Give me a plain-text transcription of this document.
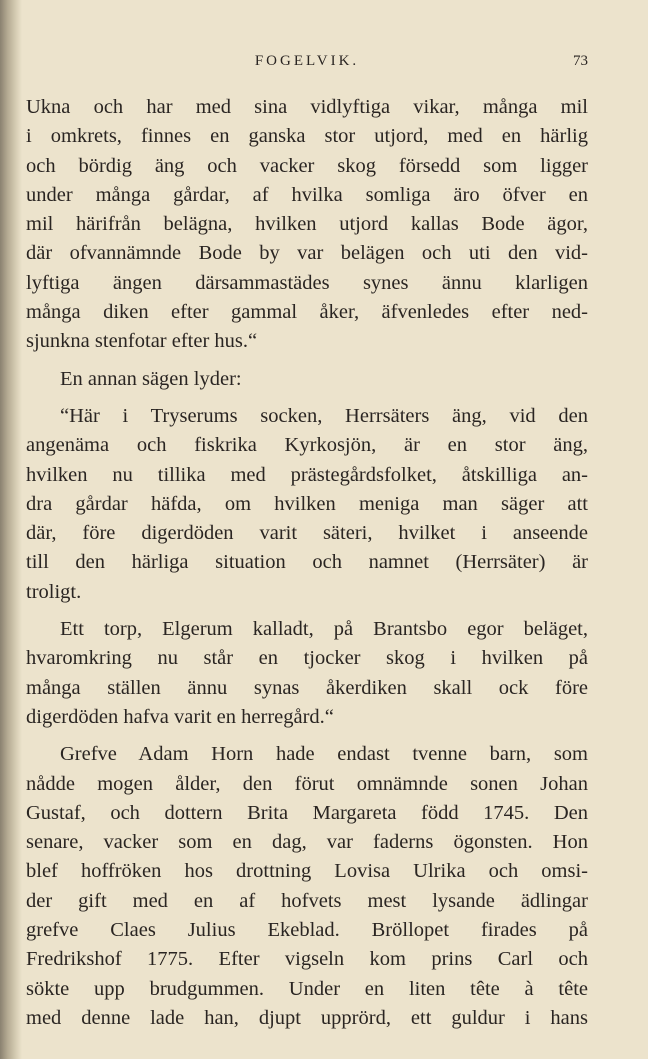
FOGELVIK.	73
Ukna och har med sina vidlyftiga vikar, många mil
i omkrets, finnes en ganska stor utjord, med en härlig
och bördig äng och vacker skog försedd som ligger
under många gårdar, af hvilka somliga äro öfver en
mil härifrån belägna, hvilken utjord kallas Bode ägor,
där ofvannämnde Bode by var belägen och uti den vid-
lyftiga ängen därsammastädes synes ännu klarligen
många diken efter gammal åker, äfvenledes efter ned-
sjunkna stenfotar efter hus.“
En annan sägen lyder:
“Här i Tryserums socken, Herrsäters äng, vid den
angenäma och fiskrika Kyrkosjön, är en stor äng,
hvilken nu tillika med prästegårdsfolket, åtskilliga an-
dra gårdar häfda, om hvilken meniga man säger att
där, före digerdöden varit säteri, hvilket i anseende
till den härliga situation och namnet (Herrsäter) är
troligt.
Ett torp, Elgerum kalladt, på Brantsbo egor beläget,
hvaromkring nu står en tjocker skog i hvilken på
många ställen ännu synas åkerdiken skall ock före
digerdöden hafva varit en herregård.“
Grefve Adam Horn hade endast tvenne barn, som
nådde mogen ålder, den förut omnämnde sonen Johan
Gustaf, och dottern Brita Margareta född 1745. Den
senare, vacker som en dag, var faderns ögonsten. Hon
blef hoffröken hos drottning Lovisa Ulrika och omsi-
der gift med en af hofvets mest lysande ädlingar
grefve Claes Julius Ekeblad. Bröllopet firades på
Fredrikshof 1775. Efter vigseln kom prins Carl och
sökte upp brudgummen. Under en liten tête à tête
med denne lade han, djupt upprörd, ett guldur i hans
